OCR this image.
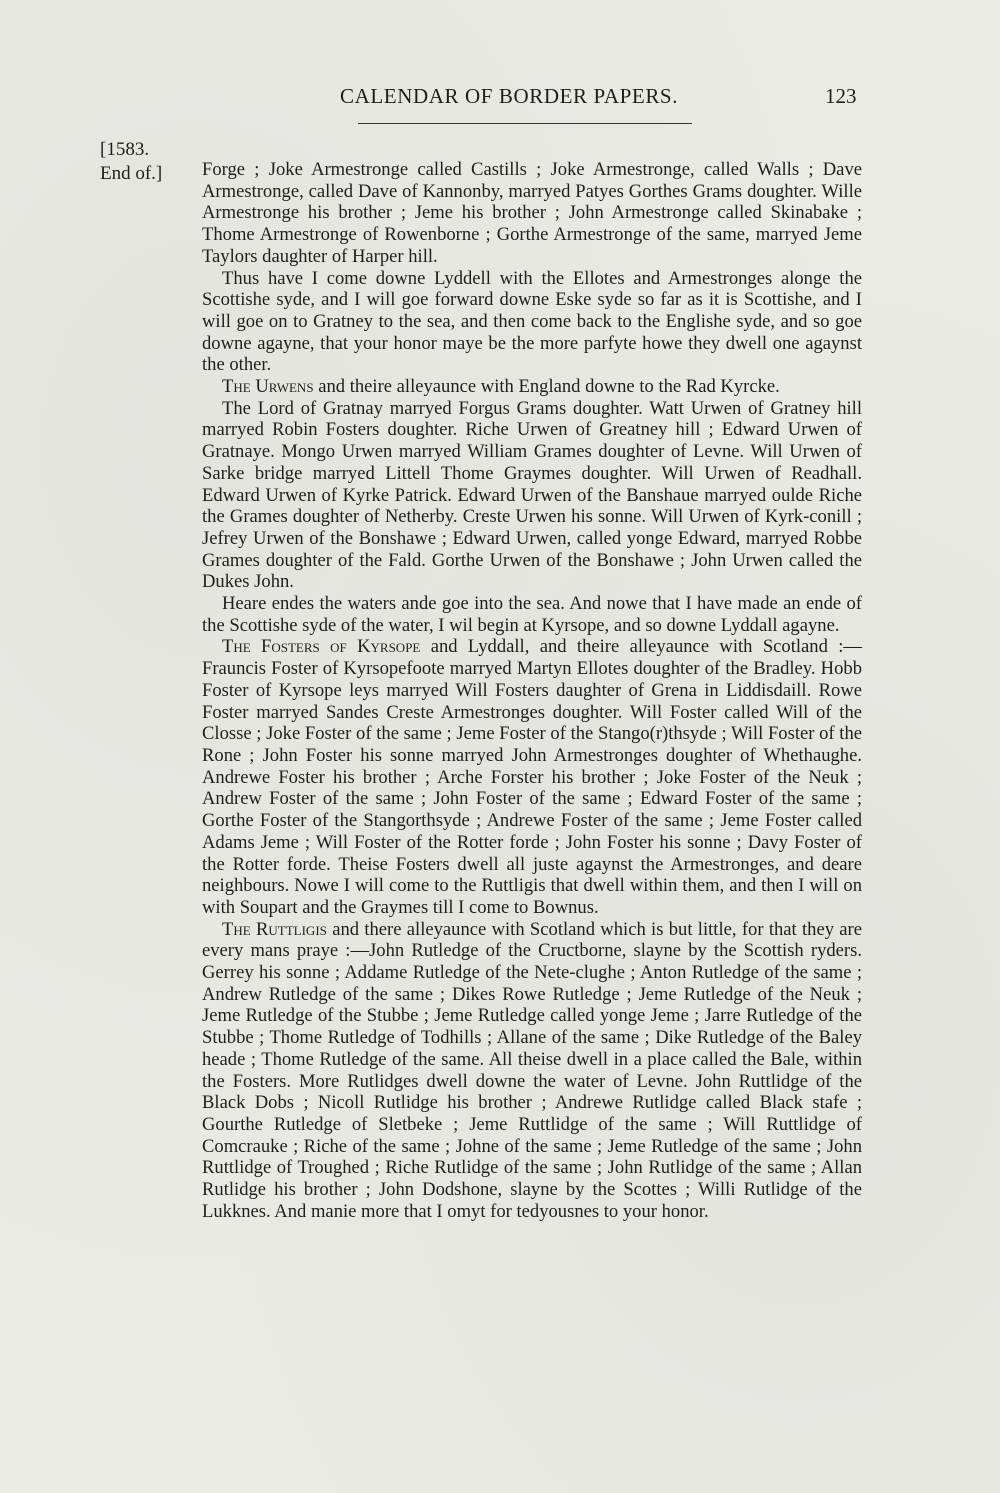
CALENDAR OF BORDER PAPERS.	123
[1583.
End of.]	Forge ; Joke Armestronge called Castills ; Joke Armestronge, called Walls ; Dave Armestronge, called Dave of Kannonby, marryed Patyes Gorthes Grams doughter. Wille Armestronge his brother ; Jeme his brother ; John Armestronge called Skinabake ; Thome Armestronge of Rowenborne ; Gorthe Armestronge of the same, marryed Jeme Taylors daughter of Harper hill.

Thus have I come downe Lyddell with the Ellotes and Armestronges alonge the Scottishe syde, and I will goe forward downe Eske syde so far as it is Scottishe, and I will goe on to Gratney to the sea, and then come back to the Englishe syde, and so goe downe agayne, that your honor maye be the more parfyte howe they dwell one agaynst the other.

The Urwens and theire alleyaunce with England downe to the Rad Kyrcke.

The Lord of Gratnay marryed Forgus Grams doughter. Watt Urwen of Gratney hill marryed Robin Fosters doughter. Riche Urwen of Greatney hill ; Edward Urwen of Gratnaye. Mongo Urwen marryed William Grames doughter of Levne. Will Urwen of Sarke bridge marryed Littell Thome Graymes doughter. Will Urwen of Readhall. Edward Urwen of Kyrke Patrick. Edward Urwen of the Banshaue marryed oulde Riche the Grames doughter of Netherby. Creste Urwen his sonne. Will Urwen of Kyrk-conill ; Jefrey Urwen of the Bonshawe ; Edward Urwen, called yonge Edward, marryed Robbe Grames doughter of the Fald. Gorthe Urwen of the Bonshawe ; John Urwen called the Dukes John.

Heare endes the waters ande goe into the sea. And nowe that I have made an ende of the Scottishe syde of the water, I wil begin at Kyrsope, and so downe Lyddall agayne.

The Fosters of Kyrsope and Lyddall, and theire alleyaunce with Scotland :—Frauncis Foster of Kyrsopefoote marryed Martyn Ellotes doughter of the Bradley. Hobb Foster of Kyrsope leys marryed Will Fosters daughter of Grena in Liddisdaill. Rowe Foster marryed Sandes Creste Armestronges doughter. Will Foster called Will of the Closse ; Joke Foster of the same ; Jeme Foster of the Stango(r)thsyde ; Will Foster of the Rone ; John Foster his sonne marryed John Armestronges doughter of Whethaughe. Andrewe Foster his brother ; Arche Forster his brother ; Joke Foster of the Neuk ; Andrew Foster of the same ; John Foster of the same ; Edward Foster of the same ; Gorthe Foster of the Stangorthsyde ; Andrewe Foster of the same ; Jeme Foster called Adams Jeme ; Will Foster of the Rotter forde ; John Foster his sonne ; Davy Foster of the Rotter forde. Theise Fosters dwell all juste agaynst the Armestronges, and deare neighbours. Nowe I will come to the Ruttligis that dwell within them, and then I will on with Soupart and the Graymes till I come to Bownus.

The Ruttligis and there alleyaunce with Scotland which is but little, for that they are every mans praye :—John Rutledge of the Cructborne, slayne by the Scottish ryders. Gerrey his sonne ; Addame Rutledge of the Nete-clughe ; Anton Rutledge of the same ; Andrew Rutledge of the same ; Dikes Rowe Rutledge ; Jeme Rutledge of the Neuk ; Jeme Rutledge of the Stubbe ; Jeme Rutledge called yonge Jeme ; Jarre Rutledge of the Stubbe ; Thome Rutledge of Todhills ; Allane of the same ; Dike Rutledge of the Baley heade ; Thome Rutledge of the same. All theise dwell in a place called the Bale, within the Fosters. More Rutlidges dwell downe the water of Levne. John Ruttlidge of the Black Dobs ; Nicoll Rutlidge his brother ; Andrewe Rutlidge called Black stafe ; Gourthe Rutledge of Sletbeke ; Jeme Ruttlidge of the same ; Will Ruttlidge of Comcrauke ; Riche of the same ; Johne of the same ; Jeme Rutledge of the same ; John Ruttlidge of Troughed ; Riche Rutlidge of the same ; John Rutlidge of the same ; Allan Rutlidge his brother ; John Dodshone, slayne by the Scottes ; Willi Rutlidge of the Lukknes. And manie more that I omyt for tedyousnes to your honor.
